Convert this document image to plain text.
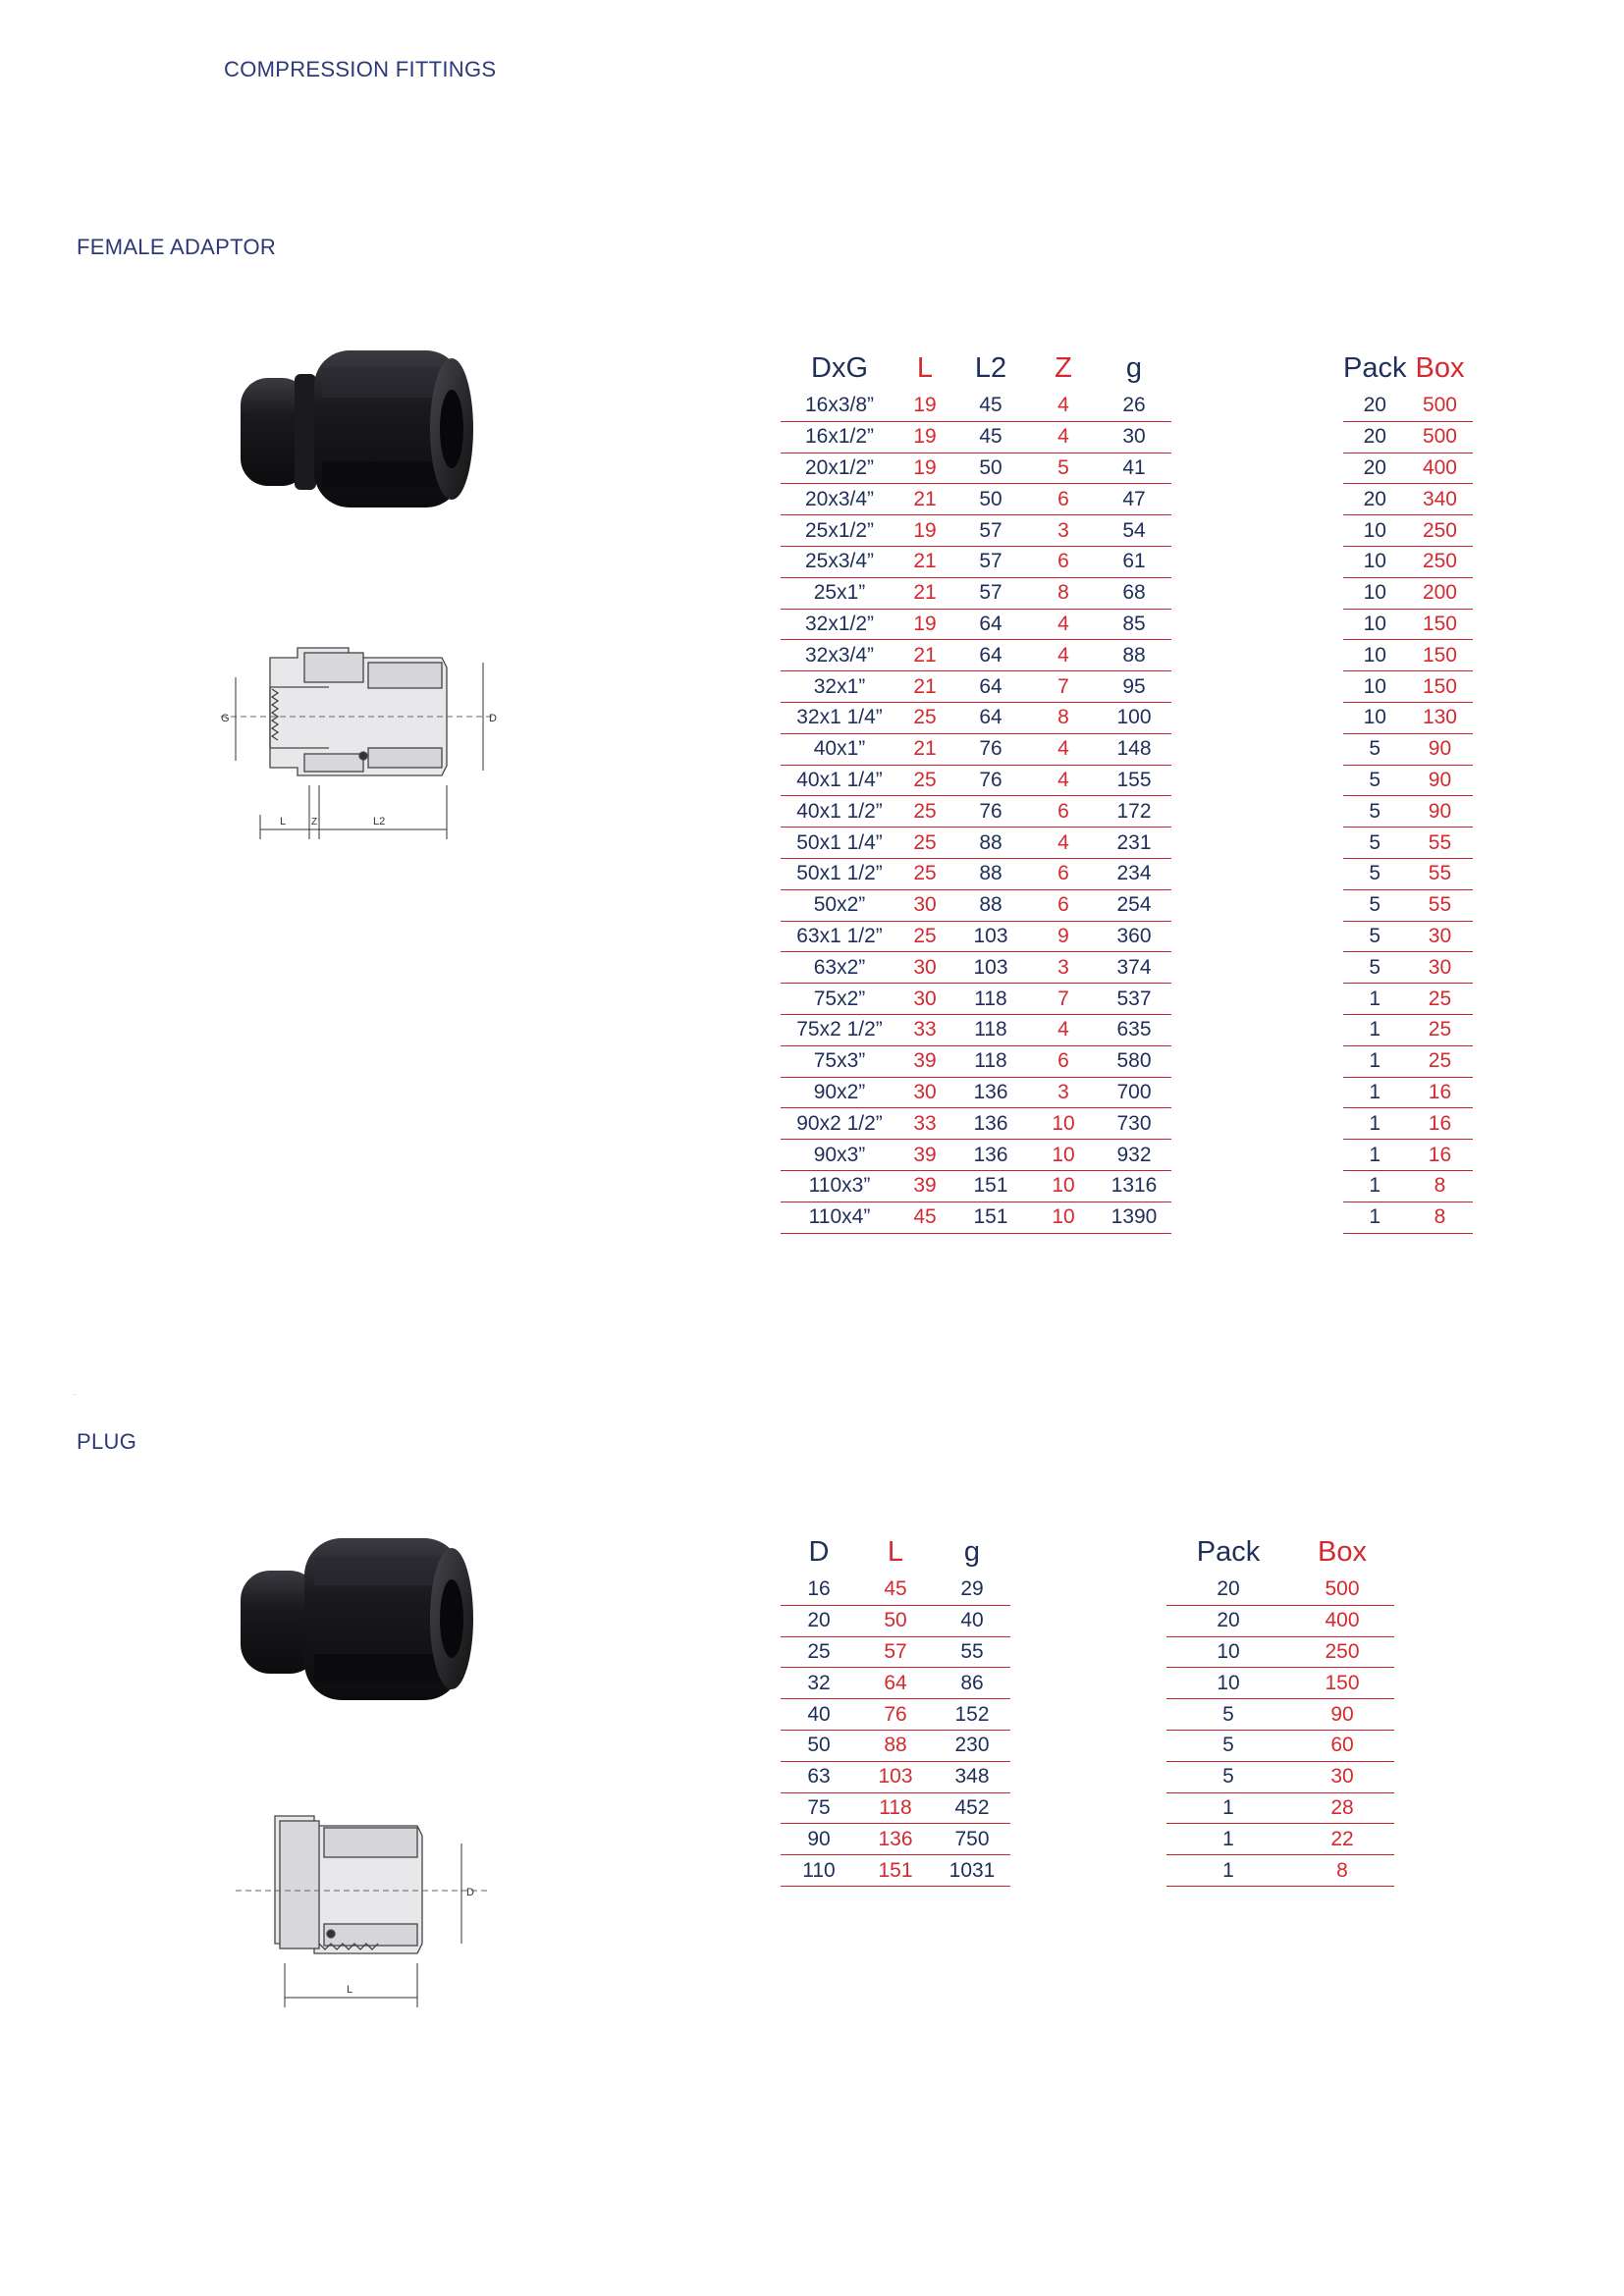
COMPRESSION FITTINGS
FEMALE ADAPTOR
G	D
L	Z	L2
DxG	L	L2	Z	g
16x3/8”	19	45	4	26
16x1/2”	19	45	4	30
20x1/2”	19	50	5	41
20x3/4”	21	50	6	47
25x1/2”	19	57	3	54
25x3/4”	21	57	6	61
25x1”	21	57	8	68
32x1/2”	19	64	4	85
32x3/4”	21	64	4	88
32x1”	21	64	7	95
32x1 1/4”	25	64	8	100
40x1”	21	76	4	148
40x1 1/4”	25	76	4	155
40x1 1/2”	25	76	6	172
50x1 1/4”	25	88	4	231
50x1 1/2”	25	88	6	234
50x2”	30	88	6	254
63x1 1/2”	25	103	9	360
63x2”	30	103	3	374
75x2”	30	118	7	537
75x2 1/2”	33	118	4	635
75x3”	39	118	6	580
90x2”	30	136	3	700
90x2 1/2”	33	136	10	730
90x3”	39	136	10	932
110x3”	39	151	10	1316
110x4”	45	151	10	1390
Pack	Box
20	500
20	500
20	400
20	340
10	250
10	250
10	200
10	150
10	150
10	150
10	130
5	90
5	90
5	90
5	55
5	55
5	55
5	30
5	30
1	25
1	25
1	25
1	16
1	16
1	16
1	8
1	8
.
PLUG
D
L
D	L	g
16	45	29
20	50	40
25	57	55
32	64	86
40	76	152
50	88	230
63	103	348
75	118	452
90	136	750
110	151	1031
Pack	Box
20	500
20	400
10	250
10	150
5	90
5	60
5	30
1	28
1	22
1	8
